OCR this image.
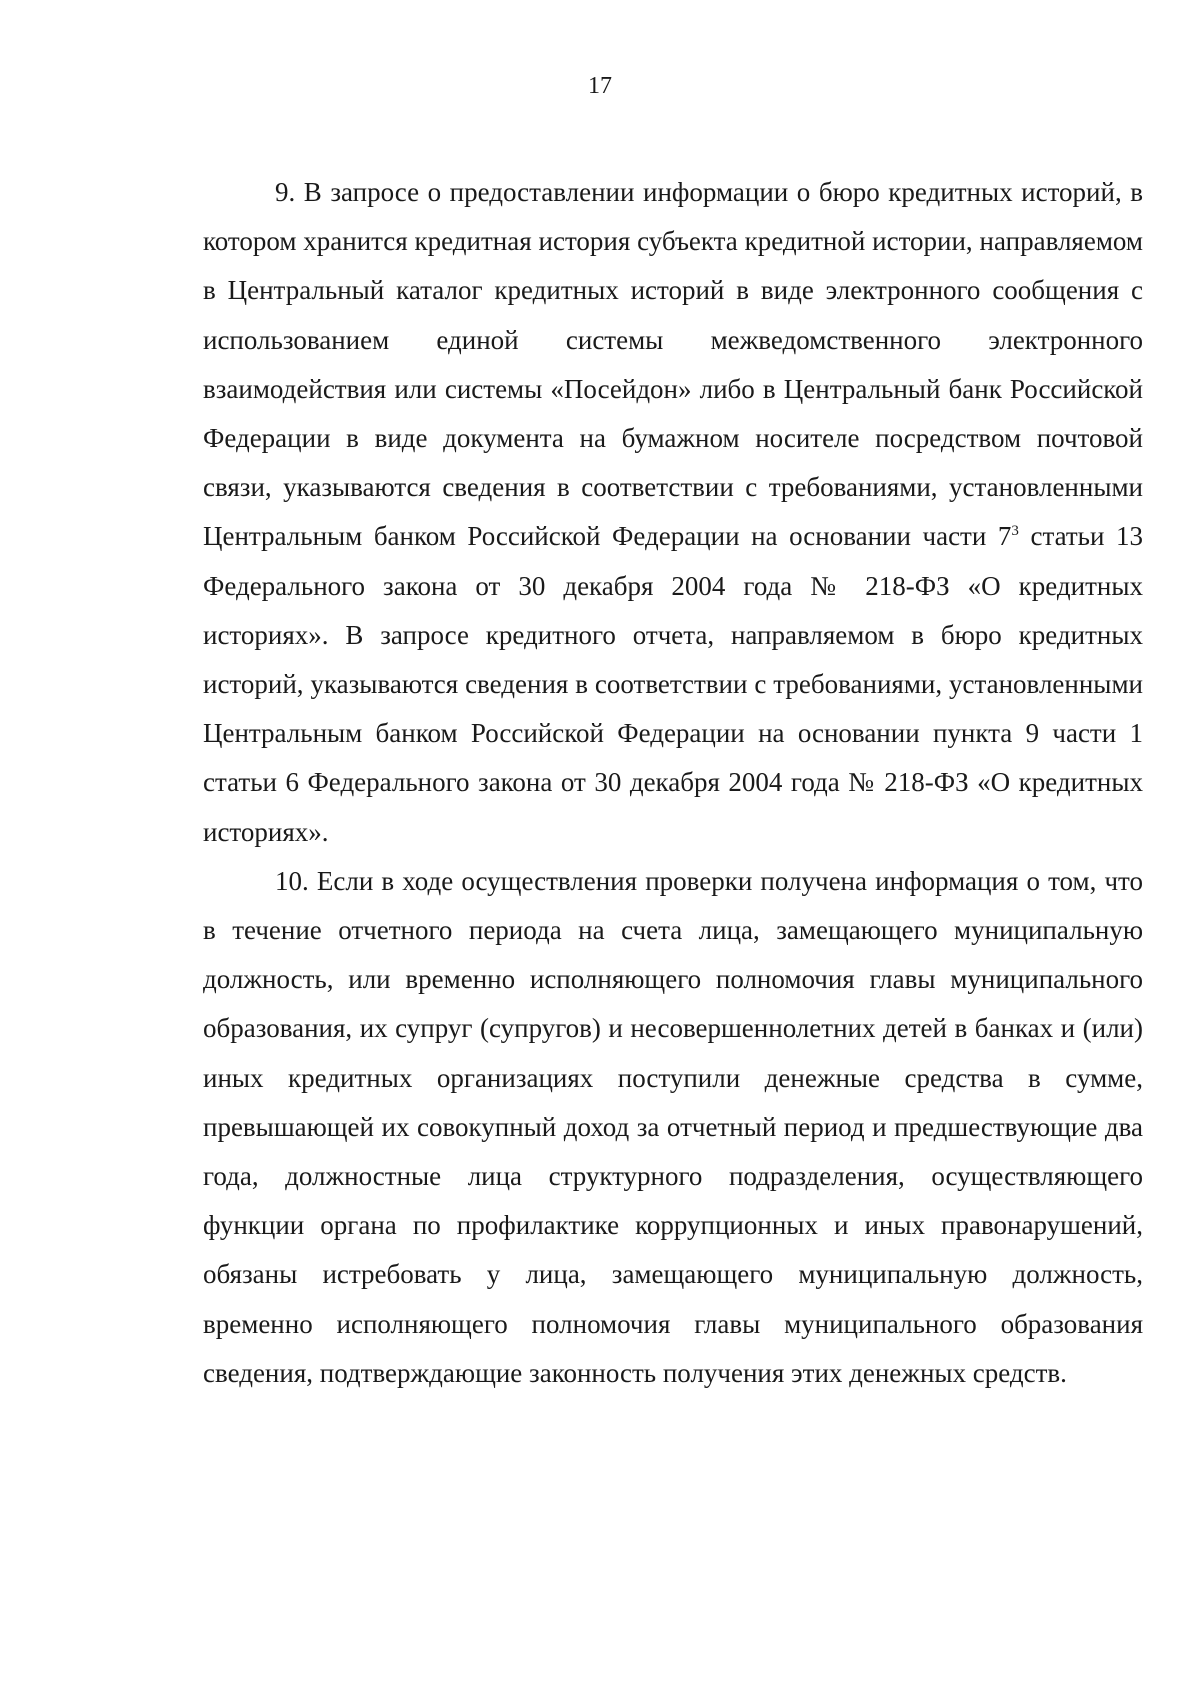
17

9. В запросе о предоставлении информации о бюро кредитных историй, в котором хранится кредитная история субъекта кредитной истории, направляемом в Центральный каталог кредитных историй в виде электронного сообщения с использованием единой системы межведомственного электронного взаимодействия или системы «Посейдон» либо в Центральный банк Российской Федерации в виде документа на бумажном носителе посредством почтовой связи, указываются сведения в соответствии с требованиями, установленными Центральным банком Российской Федерации на основании части $7^3$ статьи 13 Федерального закона от 30 декабря 2004 года № 218-ФЗ «О кредитных историях». В запросе кредитного отчета, направляемом в бюро кредитных историй, указываются сведения в соответствии с требованиями, установленными Центральным банком Российской Федерации на основании пункта 9 части 1 статьи 6 Федерального закона от 30 декабря 2004 года № 218-ФЗ «О кредитных историях».

10. Если в ходе осуществления проверки получена информация о том, что в течение отчетного периода на счета лица, замещающего муниципальную должность, или временно исполняющего полномочия главы муниципального образования, их супруг (супругов) и несовершеннолетних детей в банках и (или) иных кредитных организациях поступили денежные средства в сумме, превышающей их совокупный доход за отчетный период и предшествующие два года, должностные лица структурного подразделения, осуществляющего функции органа по профилактике коррупционных и иных правонарушений, обязаны истребовать у лица, замещающего муниципальную должность, временно исполняющего полномочия главы муниципального образования сведения, подтверждающие законность получения этих денежных средств.
